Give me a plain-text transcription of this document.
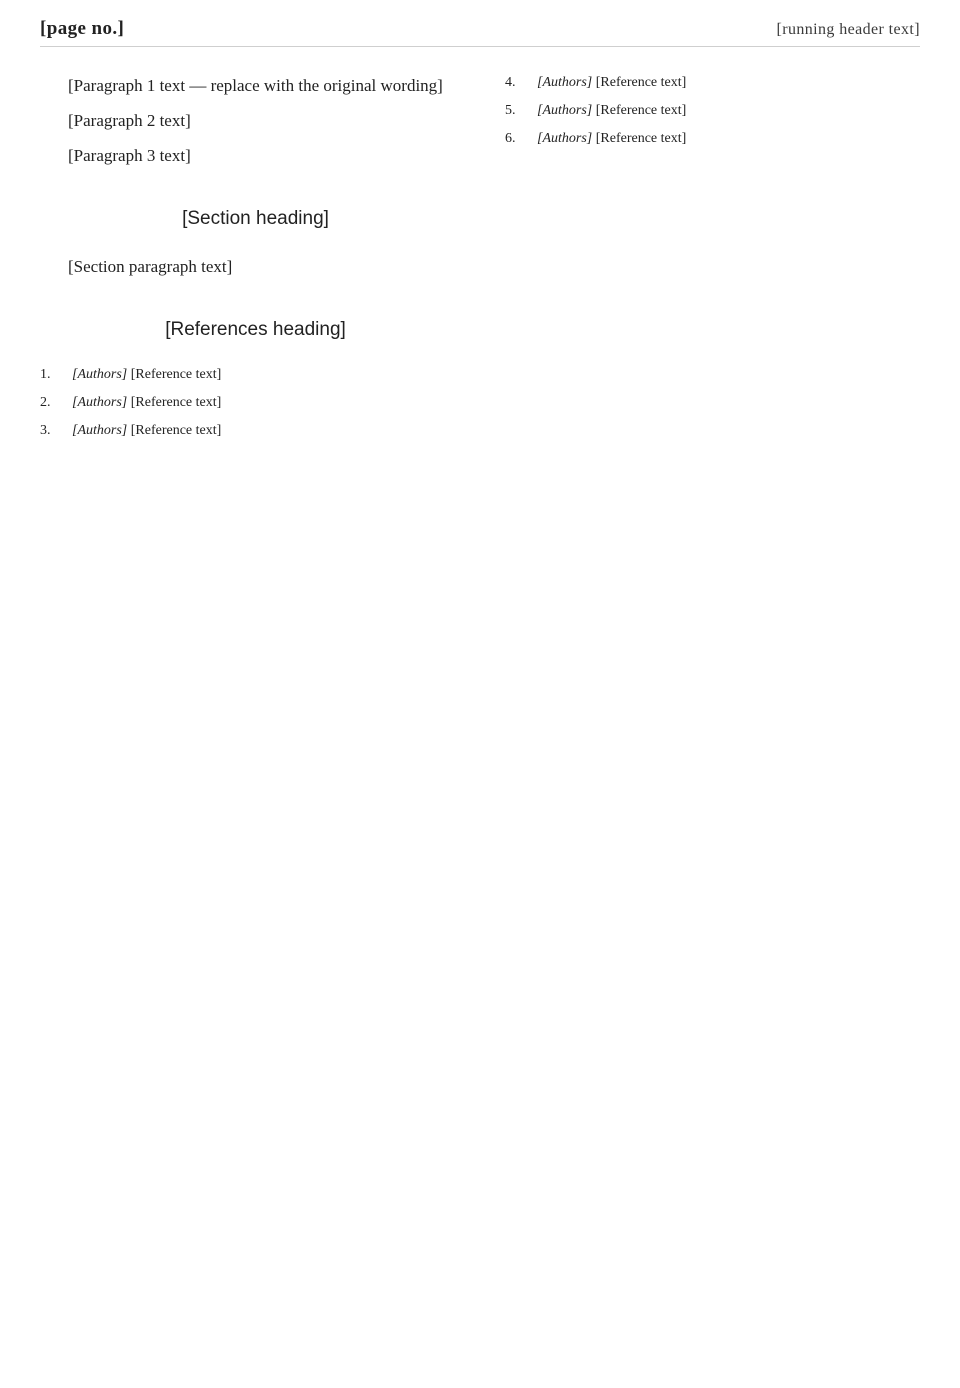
[page no.]	[running header text]

[Paragraph 1 text — replace with the original wording]

[Paragraph 2 text]

[Paragraph 3 text]

[Section heading]

[Section paragraph text]

[References heading]
1.	[Authors] [Reference text]
2.	[Authors] [Reference text]
3.	[Authors] [Reference text]
4.	[Authors] [Reference text]
5.	[Authors] [Reference text]
6.	[Authors] [Reference text]
